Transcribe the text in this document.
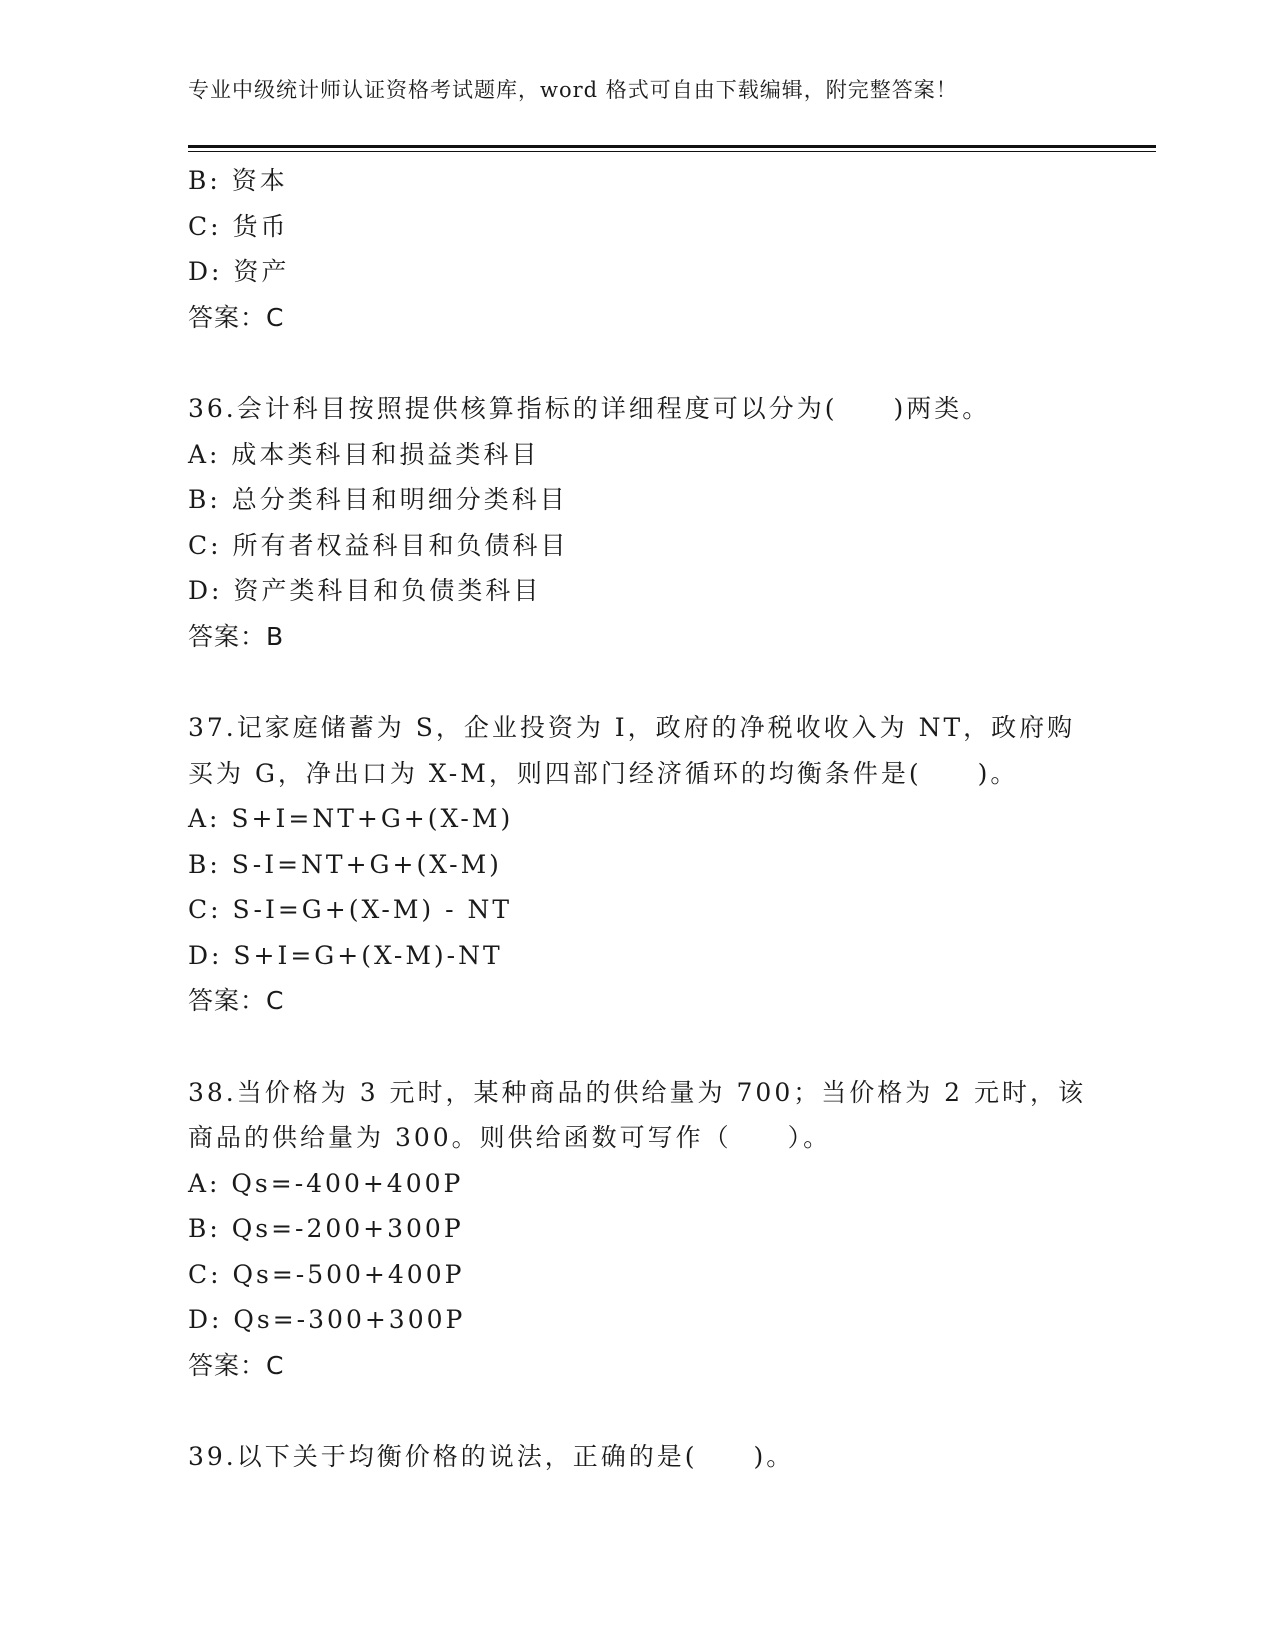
专业中级统计师认证资格考试题库，word 格式可自由下载编辑，附完整答案！
B: 资本
C: 货币
D: 资产
答案：C
36.会计科目按照提供核算指标的详细程度可以分为(　　)两类。
A: 成本类科目和损益类科目
B: 总分类科目和明细分类科目
C: 所有者权益科目和负债科目
D: 资产类科目和负债类科目
答案：B
37.记家庭储蓄为 S，企业投资为 I，政府的净税收收入为 NT，政府购
买为 G，净出口为 X-M，则四部门经济循环的均衡条件是(　　)。
A: S+I=NT+G+(X-M)
B: S-I=NT+G+(X-M)
C: S-I=G+(X-M) - NT
D: S+I=G+(X-M)-NT
答案：C
38.当价格为 3 元时，某种商品的供给量为 700；当价格为 2 元时，该
商品的供给量为 300。则供给函数可写作（　　）。
A: Qs=-400+400P
B: Qs=-200+300P
C: Qs=-500+400P
D: Qs=-300+300P
答案：C
39.以下关于均衡价格的说法，正确的是(　　)。
